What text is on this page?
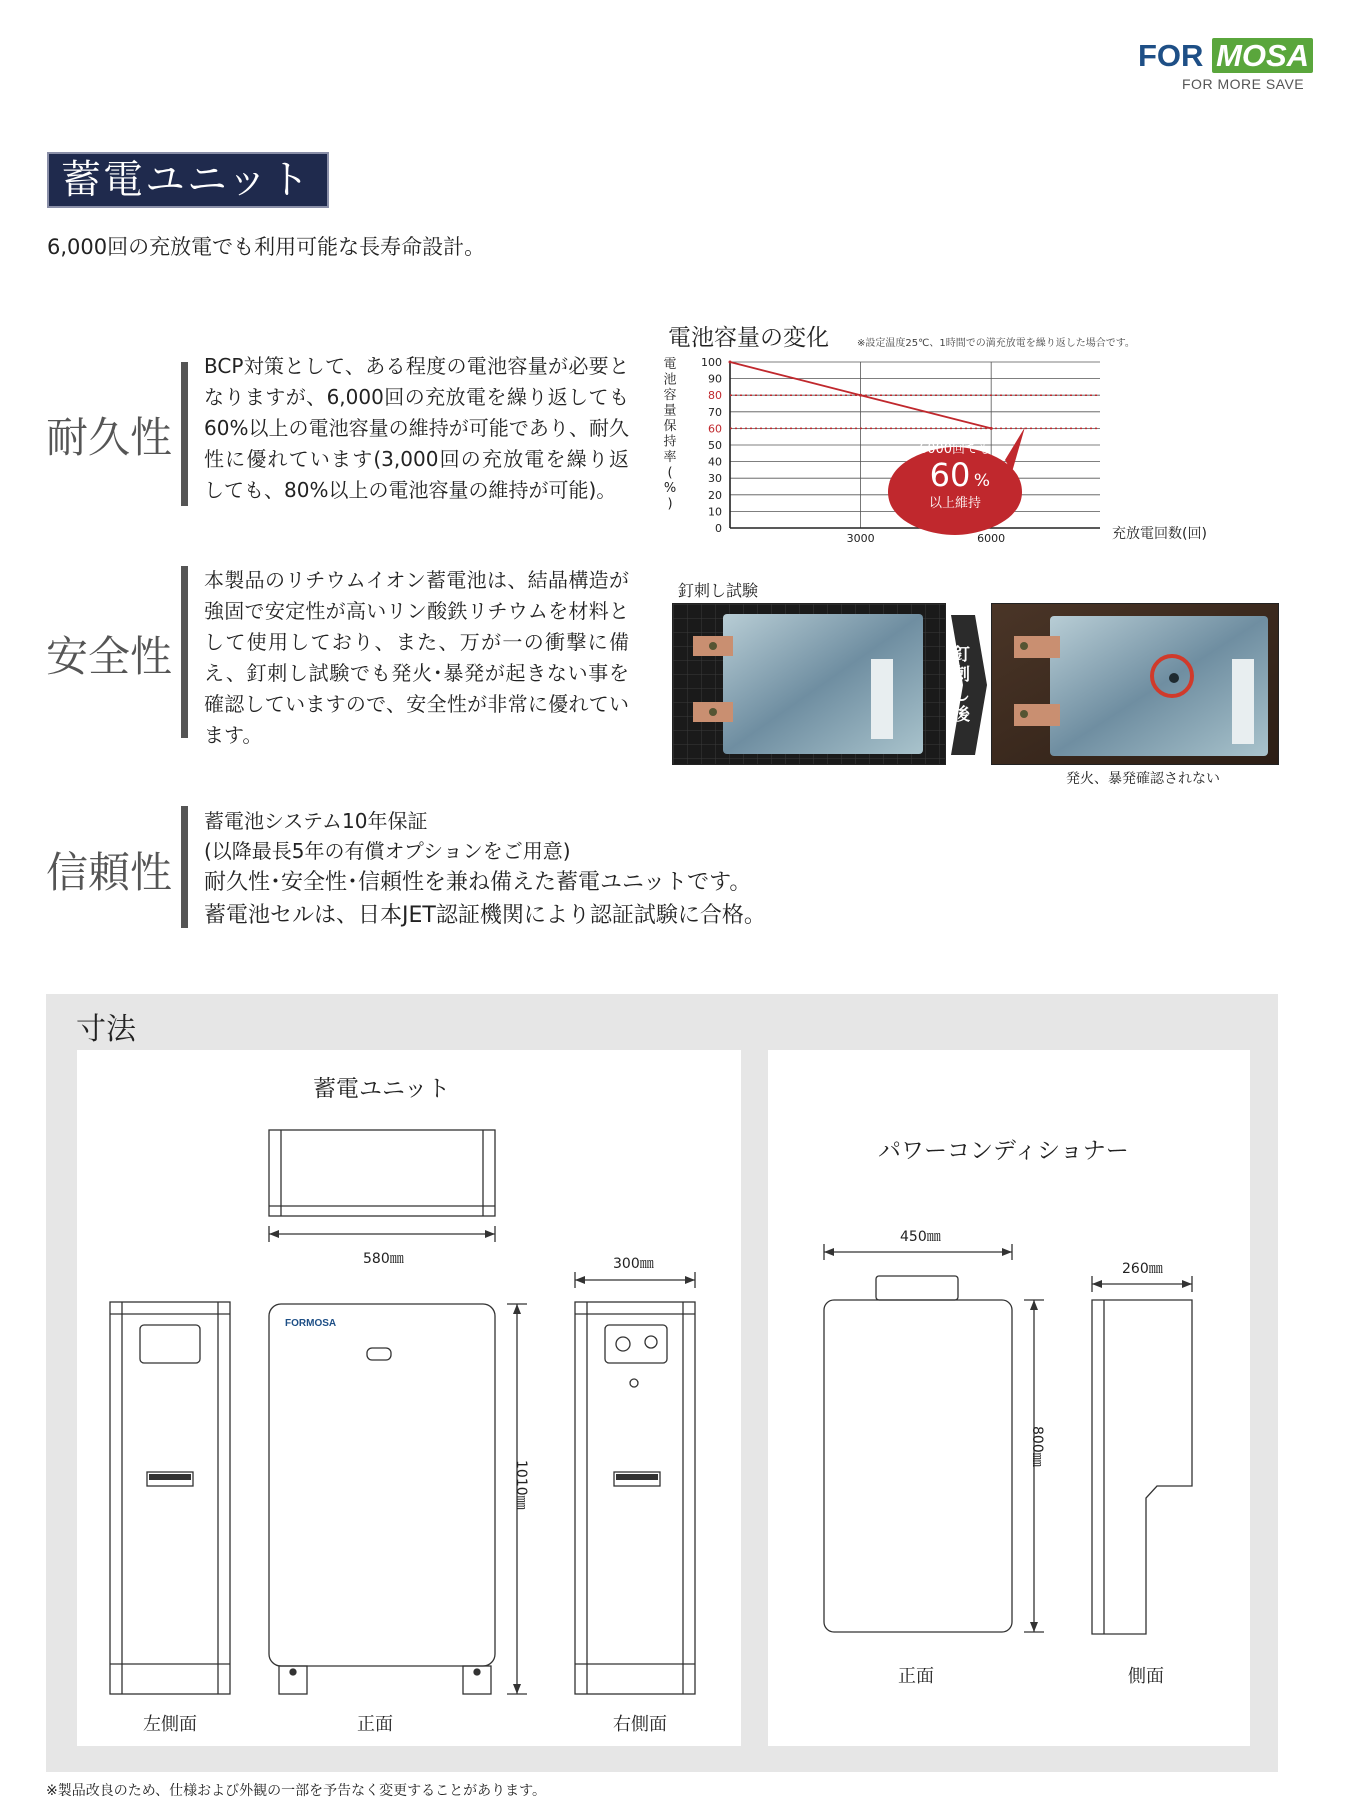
FOR MOSA
FOR MORE SAVE
蓄電ユニット
6,000回の充放電でも利用可能な長寿命設計。
耐久性
BCP対策として、ある程度の電池容量が必要となりますが、6,000回の充放電を繰り返しても60%以上の電池容量の維持が可能であり、耐久性に優れています(3,000回の充放電を繰り返しても、80%以上の電池容量の維持が可能)。
安全性
本製品のリチウムイオン蓄電池は、結晶構造が強固で安定性が高いリン酸鉄リチウムを材料として使用しており、また、万が一の衝撃に備え、釘刺し試験でも発火･暴発が起きない事を確認していますので、安全性が非常に優れています。
信頼性
蓄電池システム10年保証
(以降最長5年の有償オプションをご用意)
耐久性･安全性･信頼性を兼ね備えた蓄電ユニットです。
蓄電池セルは、日本JET認証機関により認証試験に合格。
電池容量の変化	※設定温度25℃、1時間での満充放電を繰り返した場合です。
電
池
容
量
保
持
率
(
%
)
0
10
20
30
40
50
60
70
80
90
100
3000	6000
6000回でも
60 %
以上維持
充放電回数(回)
釘刺し試験
釘刺し後
発火、暴発確認されない
寸法
蓄電ユニット
FORMOSA
580㎜	300㎜
1010㎜
左側面	正面	右側面
パワーコンディショナー
450㎜
260㎜
800㎜
正面	側面
※製品改良のため、仕様および外観の一部を予告なく変更することがあります。
